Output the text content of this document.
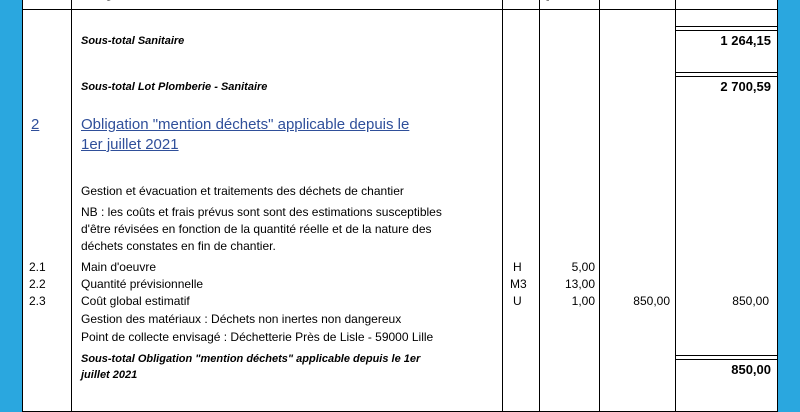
Sous-total Sanitaire	1 264,15
Sous-total Lot Plomberie - Sanitaire	2 700,59
2	Obligation "mention déchets" applicable depuis le
1er juillet 2021
Gestion et évacuation et traitements des déchets de chantier
NB : les coûts et frais prévus sont sont des estimations susceptibles
d'être révisées en fonction de la quantité réelle et de la nature des
déchets constates en fin de chantier.
2.1	Main d'oeuvre	H	5,00
2.2	Quantité prévisionnelle	M3	13,00
2.3	Coût global estimatif	U	1,00	850,00	850,00
Gestion des matériaux : Déchets non inertes non dangereux
Point de collecte envisagé : Déchetterie Près de Lisle - 59000 Lille
Sous-total Obligation "mention déchets" applicable depuis le 1er
juillet 2021	850,00
